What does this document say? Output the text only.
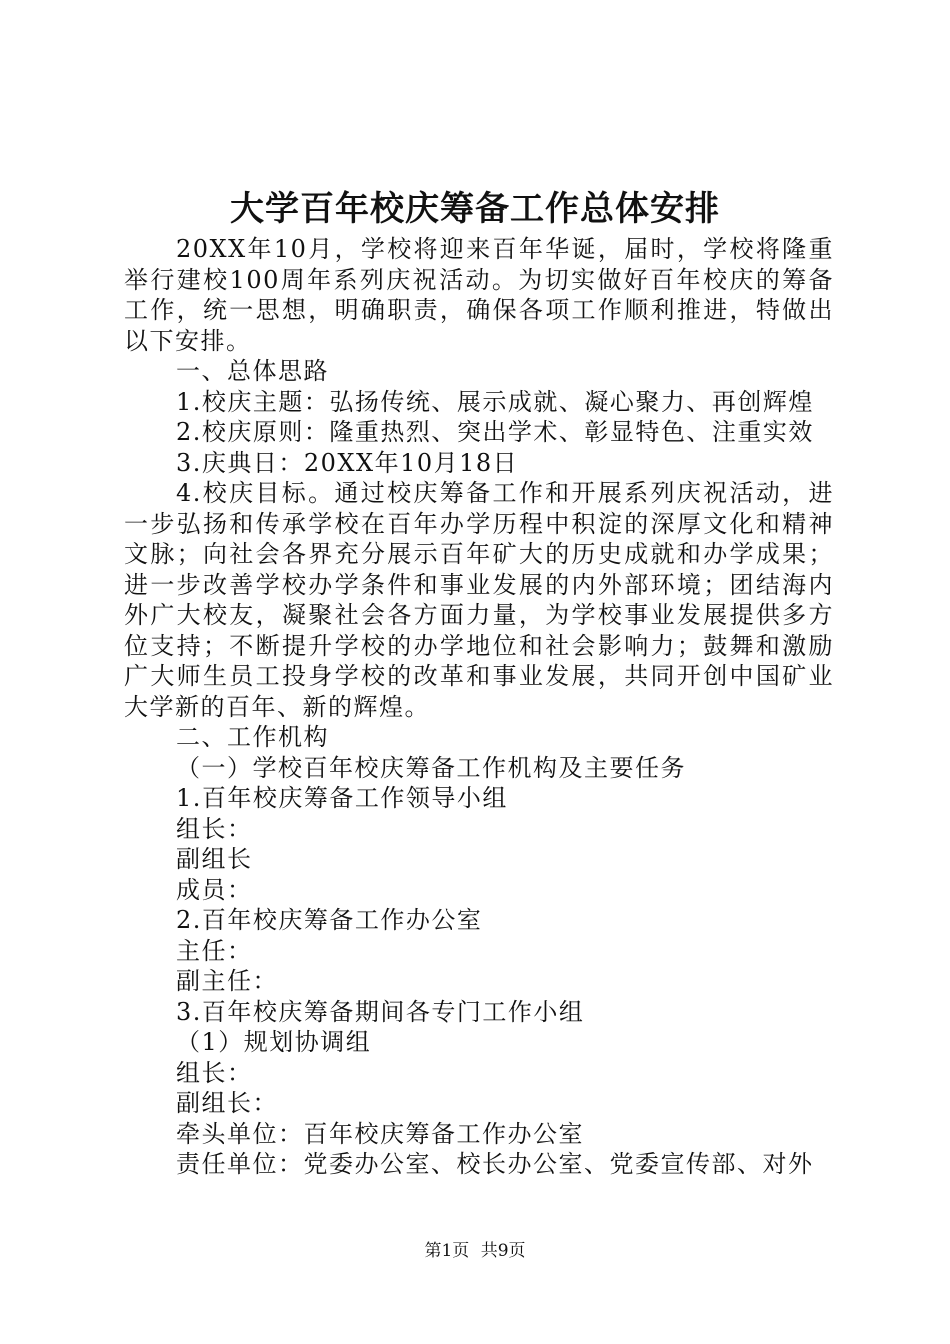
大学百年校庆筹备工作总体安排

20XX年10月，学校将迎来百年华诞，届时，学校将隆重举行建校100周年系列庆祝活动。为切实做好百年校庆的筹备工作，统一思想，明确职责，确保各项工作顺利推进，特做出以下安排。

一、总体思路

1.校庆主题：弘扬传统、展示成就、凝心聚力、再创辉煌

2.校庆原则：隆重热烈、突出学术、彰显特色、注重实效

3.庆典日：20XX年10月18日

4.校庆目标。通过校庆筹备工作和开展系列庆祝活动，进一步弘扬和传承学校在百年办学历程中积淀的深厚文化和精神文脉；向社会各界充分展示百年矿大的历史成就和办学成果；进一步改善学校办学条件和事业发展的内外部环境；团结海内外广大校友，凝聚社会各方面力量，为学校事业发展提供多方位支持；不断提升学校的办学地位和社会影响力；鼓舞和激励广大师生员工投身学校的改革和事业发展，共同开创中国矿业大学新的百年、新的辉煌。

二、工作机构

（一）学校百年校庆筹备工作机构及主要任务

1.百年校庆筹备工作领导小组

组长：

副组长

成员：

2.百年校庆筹备工作办公室

主任：

副主任：

3.百年校庆筹备期间各专门工作小组

（1）规划协调组

组长：

副组长：

牵头单位：百年校庆筹备工作办公室

责任单位：党委办公室、校长办公室、党委宣传部、对外

第1页 共9页
